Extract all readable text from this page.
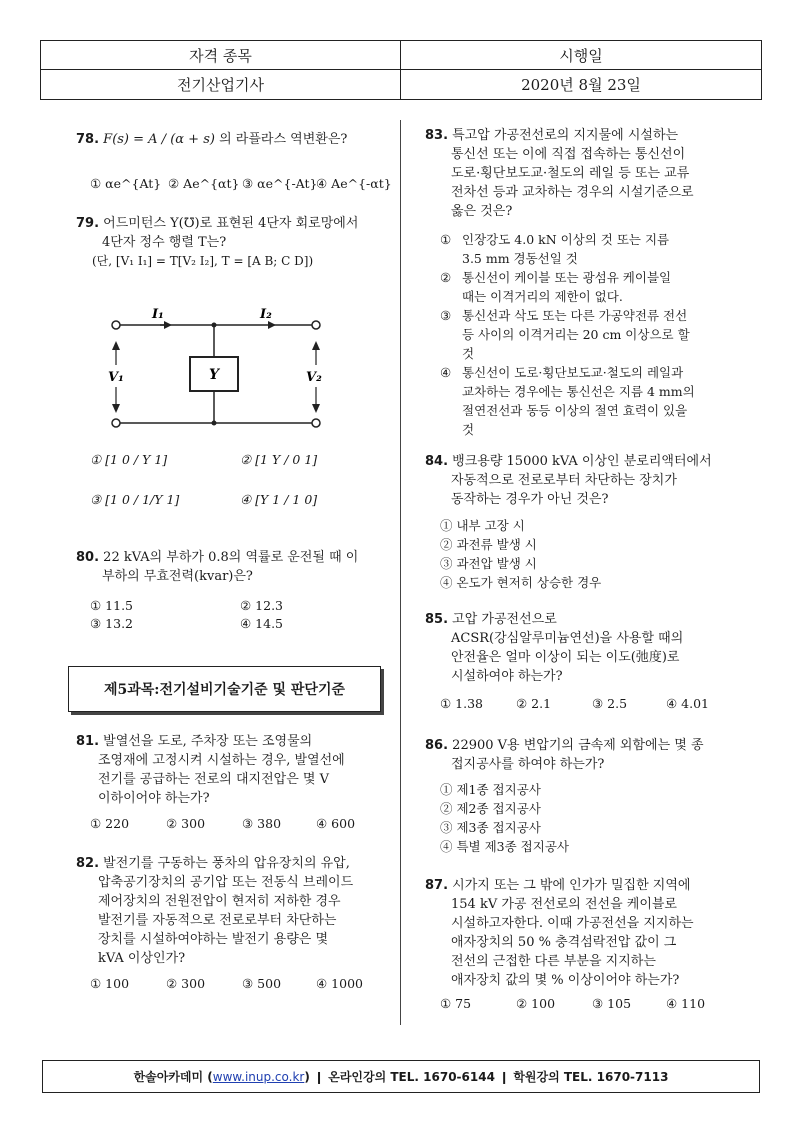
자격 종목	시행일
전기산업기사	2020년 8월 23일
78. F(s) = A / (α + s) 의 라플라스 역변환은?
① αe^{At} ② Ae^{αt} ③ αe^{-At}
④ Ae^{-αt}
79. 어드미턴스 Y(℧)로 표현된 4단자 회로망에서
4단자 정수 행렬 T는?
(단, [V₁ I₁] = T[V₂ I₂], T = [A B; C D])
Y
I₁	I₂
V₁	V₂
① [1 0 / Y 1]	② [1 Y / 0 1]
③ [1 0 / 1/Y 1]	④ [Y 1 / 1 0]
80. 22 kVA의 부하가 0.8의 역률로 운전될 때 이
부하의 무효전력(kvar)은?
① 11.5	② 12.3
③ 13.2	④ 14.5
제5과목:전기설비기술기준 및 판단기준
81. 발열선을 도로, 주차장 또는 조영물의
조영재에 고정시켜 시설하는 경우, 발열선에
전기를 공급하는 전로의 대지전압은 몇 V
이하이어야 하는가?
① 220	② 300	③ 380	④ 600
82. 발전기를 구동하는 풍차의 압유장치의 유압,
압축공기장치의 공기압 또는 전동식 브레이드
제어장치의 전원전압이 현저히 저하한 경우
발전기를 자동적으로 전로로부터 차단하는
장치를 시설하여야하는 발전기 용량은 몇
kVA 이상인가?
① 100	② 300	③ 500	④ 1000
83. 특고압 가공전선로의 지지물에 시설하는
통신선 또는 이에 직접 접속하는 통신선이
도로·횡단보도교·철도의 레일 등 또는 교류
전차선 등과 교차하는 경우의 시설기준으로
옳은 것은?
① 인장강도 4.0 kN 이상의 것 또는 지름
3.5 mm 경동선일 것
② 통신선이 케이블 또는 광섬유 케이블일
때는 이격거리의 제한이 없다.
③ 통신선과 삭도 또는 다른 가공약전류 전선
등 사이의 이격거리는 20 cm 이상으로 할
것
④ 통신선이 도로·횡단보도교·철도의 레일과
교차하는 경우에는 통신선은 지름 4 mm의
절연전선과 동등 이상의 절연 효력이 있을
것
84. 뱅크용량 15000 kVA 이상인 분로리액터에서
자동적으로 전로로부터 차단하는 장치가
동작하는 경우가 아닌 것은?
① 내부 고장 시
② 과전류 발생 시
③ 과전압 발생 시
④ 온도가 현저히 상승한 경우
85. 고압 가공전선으로
ACSR(강심알루미늄연선)을 사용할 때의
안전율은 얼마 이상이 되는 이도(弛度)로
시설하여야 하는가?
① 1.38	② 2.1	③ 2.5	④ 4.01
86. 22900 V용 변압기의 금속제 외함에는 몇 종
접지공사를 하여야 하는가?
① 제1종 접지공사
② 제2종 접지공사
③ 제3종 접지공사
④ 특별 제3종 접지공사
87. 시가지 또는 그 밖에 인가가 밀집한 지역에
154 kV 가공 전선로의 전선을 케이블로
시설하고자한다. 이때 가공전선을 지지하는
애자장치의 50 % 충격섬락전압 값이 그
전선의 근접한 다른 부분을 지지하는
애자장치 값의 몇 % 이상이어야 하는가?
① 75	② 100	③ 105	④ 110
한솔아카데미 ( www.inup.co.kr ) ❙ 온라인강의 TEL. 1670-6144 ❙ 학원강의 TEL. 1670-7113
